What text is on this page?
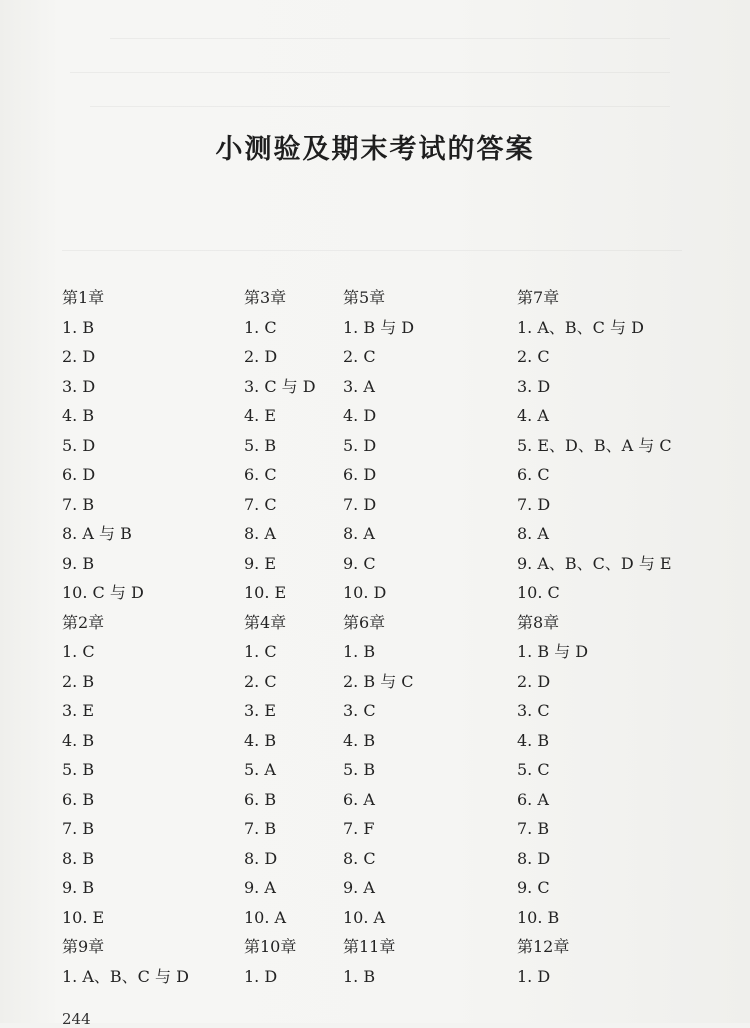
小测验及期末考试的答案
第1章
1. B
2. D
3. D
4. B
5. D
6. D
7. B
8. A 与 B
9. B
10. C 与 D
第2章
1. C
2. B
3. E
4. B
5. B
6. B
7. B
8. B
9. B
10. E
第9章
1. A、B、C 与 D
第3章
1. C
2. D
3. C 与 D
4. E
5. B
6. C
7. C
8. A
9. E
10. E
第4章
1. C
2. C
3. E
4. B
5. A
6. B
7. B
8. D
9. A
10. A
第10章
1. D
第5章
1. B 与 D
2. C
3. A
4. D
5. D
6. D
7. D
8. A
9. C
10. D
第6章
1. B
2. B 与 C
3. C
4. B
5. B
6. A
7. F
8. C
9. A
10. A
第11章
1. B
第7章
1. A、B、C 与 D
2. C
3. D
4. A
5. E、D、B、A 与 C
6. C
7. D
8. A
9. A、B、C、D 与 E
10. C
第8章
1. B 与 D
2. D
3. C
4. B
5. C
6. A
7. B
8. D
9. C
10. B
第12章
1. D
244
